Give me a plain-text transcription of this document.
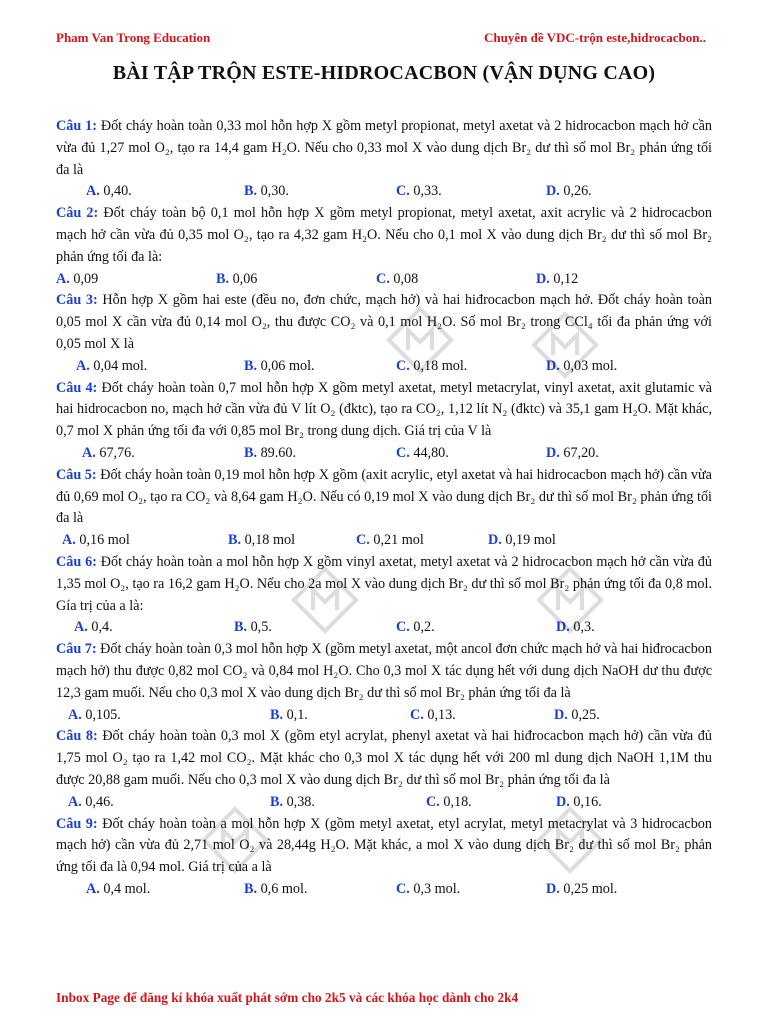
Pham Van Trong Education	Chuyên đề VDC-trộn este,hidrocacbon..
BÀI TẬP TRỘN ESTE-HIDROCACBON (VẬN DỤNG CAO)
Câu 1: Đốt cháy hoàn toàn 0,33 mol hỗn hợp X gồm metyl propionat, metyl axetat và 2 hidrocacbon mạch hở cần vừa đủ 1,27 mol O₂, tạo ra 14,4 gam H₂O. Nếu cho 0,33 mol X vào dung dịch Br₂ dư thì số mol Br₂ phản ứng tối đa là
A. 0,40.	B. 0,30.	C. 0,33.	D. 0,26.
Câu 2: Đốt cháy toàn bộ 0,1 mol hỗn hợp X gồm metyl propionat, metyl axetat, axit acrylic và 2 hidrocacbon mạch hở cần vừa đủ 0,35 mol O₂, tạo ra 4,32 gam H₂O. Nếu cho 0,1 mol X vào dung dịch Br₂ dư thì số mol Br₂ phản ứng tối đa là:
A. 0,09	B. 0,06	C. 0,08	D. 0,12
Câu 3: Hỗn hợp X gồm hai este (đều no, đơn chức, mạch hở) và hai hiđrocacbon mạch hở. Đốt cháy hoàn toàn 0,05 mol X cần vừa đủ 0,14 mol O₂, thu được CO₂ và 0,1 mol H₂O. Số mol Br₂ trong CCl₄ tối đa phản ứng với 0,05 mol X là
A. 0,04 mol.	B. 0,06 mol.	C. 0,18 mol.	D. 0,03 mol.
Câu 4: Đốt cháy hoàn toàn 0,7 mol hỗn hợp X gồm metyl axetat, metyl metacrylat, vinyl axetat, axit glutamic và hai hidrocacbon no, mạch hở cần vừa đủ V lít O₂ (đktc), tạo ra CO₂, 1,12 lít N₂ (đktc) và 35,1 gam H₂O. Mặt khác, 0,7 mol X phản ứng tối đa với 0,85 mol Br₂ trong dung dịch. Giá trị của V là
A. 67,76.	B. 89.60.	C. 44,80.	D. 67,20.
Câu 5: Đốt cháy hoàn toàn 0,19 mol hỗn hợp X gồm (axit acrylic, etyl axetat và hai hidrocacbon mạch hở) cần vừa đủ 0,69 mol O₂, tạo ra CO₂ và 8,64 gam H₂O. Nếu có 0,19 mol X vào dung dịch Br₂ dư thì số mol Br₂ phản ứng tối đa là
A. 0,16 mol	B. 0,18 mol	C. 0,21 mol	D. 0,19 mol
Câu 6: Đốt cháy hoàn toàn a mol hỗn hợp X gồm vinyl axetat, metyl axetat và 2 hidrocacbon mạch hở cần vừa đủ 1,35 mol O₂, tạo ra 16,2 gam H₂O. Nếu cho 2a mol X vào dung dịch Br₂ dư thì số mol Br₂ phản ứng tối đa 0,8 mol. Gía trị của a là:
A. 0,4.	B. 0,5.	C. 0,2.	D. 0,3.
Câu 7: Đốt cháy hoàn toàn 0,3 mol hỗn hợp X (gồm metyl axetat, một ancol đơn chức mạch hở và hai hiđrocacbon mạch hở) thu được 0,82 mol CO₂ và 0,84 mol H₂O. Cho 0,3 mol X tác dụng hết với dung dịch NaOH dư thu được 12,3 gam muối. Nếu cho 0,3 mol X vào dung dịch Br₂ dư thì số mol Br₂ phản ứng tối đa là
A. 0,105.	B. 0,1.	C. 0,13.	D. 0,25.
Câu 8: Đốt cháy hoàn toàn 0,3 mol X (gồm etyl acrylat, phenyl axetat và hai hiđrocacbon mạch hở) cần vừa đủ 1,75 mol O₂ tạo ra 1,42 mol CO₂. Mặt khác cho 0,3 mol X tác dụng hết với 200 ml dung dịch NaOH 1,1M thu được 20,88 gam muối. Nếu cho 0,3 mol X vào dung dịch Br₂ dư thì số mol Br₂ phản ứng tối đa là
A. 0,46.	B. 0,38.	C. 0,18.	D. 0,16.
Câu 9: Đốt cháy hoàn toàn a mol hỗn hợp X (gồm metyl axetat, etyl acrylat, metyl metacrylat và 3 hidrocacbon mạch hở) cần vừa đủ 2,71 mol O₂ và 28,44g H₂O. Mặt khác, a mol X vào dung dịch Br₂ dư thì số mol Br₂ phản ứng tối đa là 0,94 mol. Giá trị của a là
A. 0,4 mol.	B. 0,6 mol.	C. 0,3 mol.	D. 0,25 mol.
Inbox Page để đăng kí khóa xuất phát sớm cho 2k5 và các khóa học dành cho 2k4
